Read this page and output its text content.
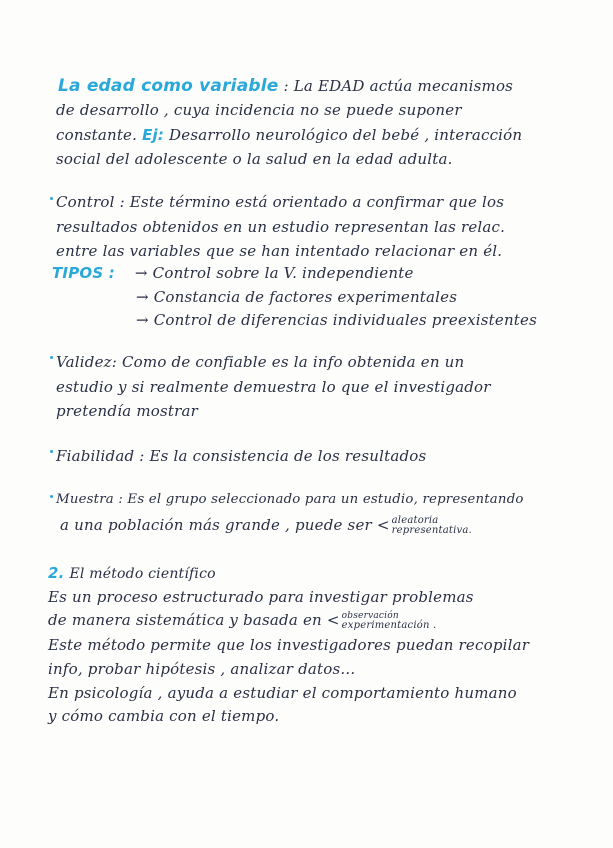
La edad como variable : La EDAD actúa mecanismos
de desarrollo , cuya incidencia no se puede suponer
constante. Ej: Desarrollo neurológico del bebé , interacción
social del adolescente o la salud en la edad adulta.
Control : Este término está orientado a confirmar que los
resultados obtenidos en un estudio representan las relac.
entre las variables que se han intentado relacionar en él.
TIPOS : → Control sobre la V. independiente
→ Constancia de factores experimentales
→ Control de diferencias individuales preexistentes
Validez: Como de confiable es la info obtenida en un
estudio y si realmente demuestra lo que el investigador
pretendía mostrar
Fiabilidad : Es la consistencia de los resultados
Muestra : Es el grupo seleccionado para un estudio, representando
a una población más grande , puede ser < aleatoria
representativa.
2. El método científico
Es un proceso estructurado para investigar problemas
de manera sistemática y basada en < observación
experimentación .
Este método permite que los investigadores puedan recopilar
info, probar hipótesis , analizar datos...
En psicología , ayuda a estudiar el comportamiento humano
y cómo cambia con el tiempo.
